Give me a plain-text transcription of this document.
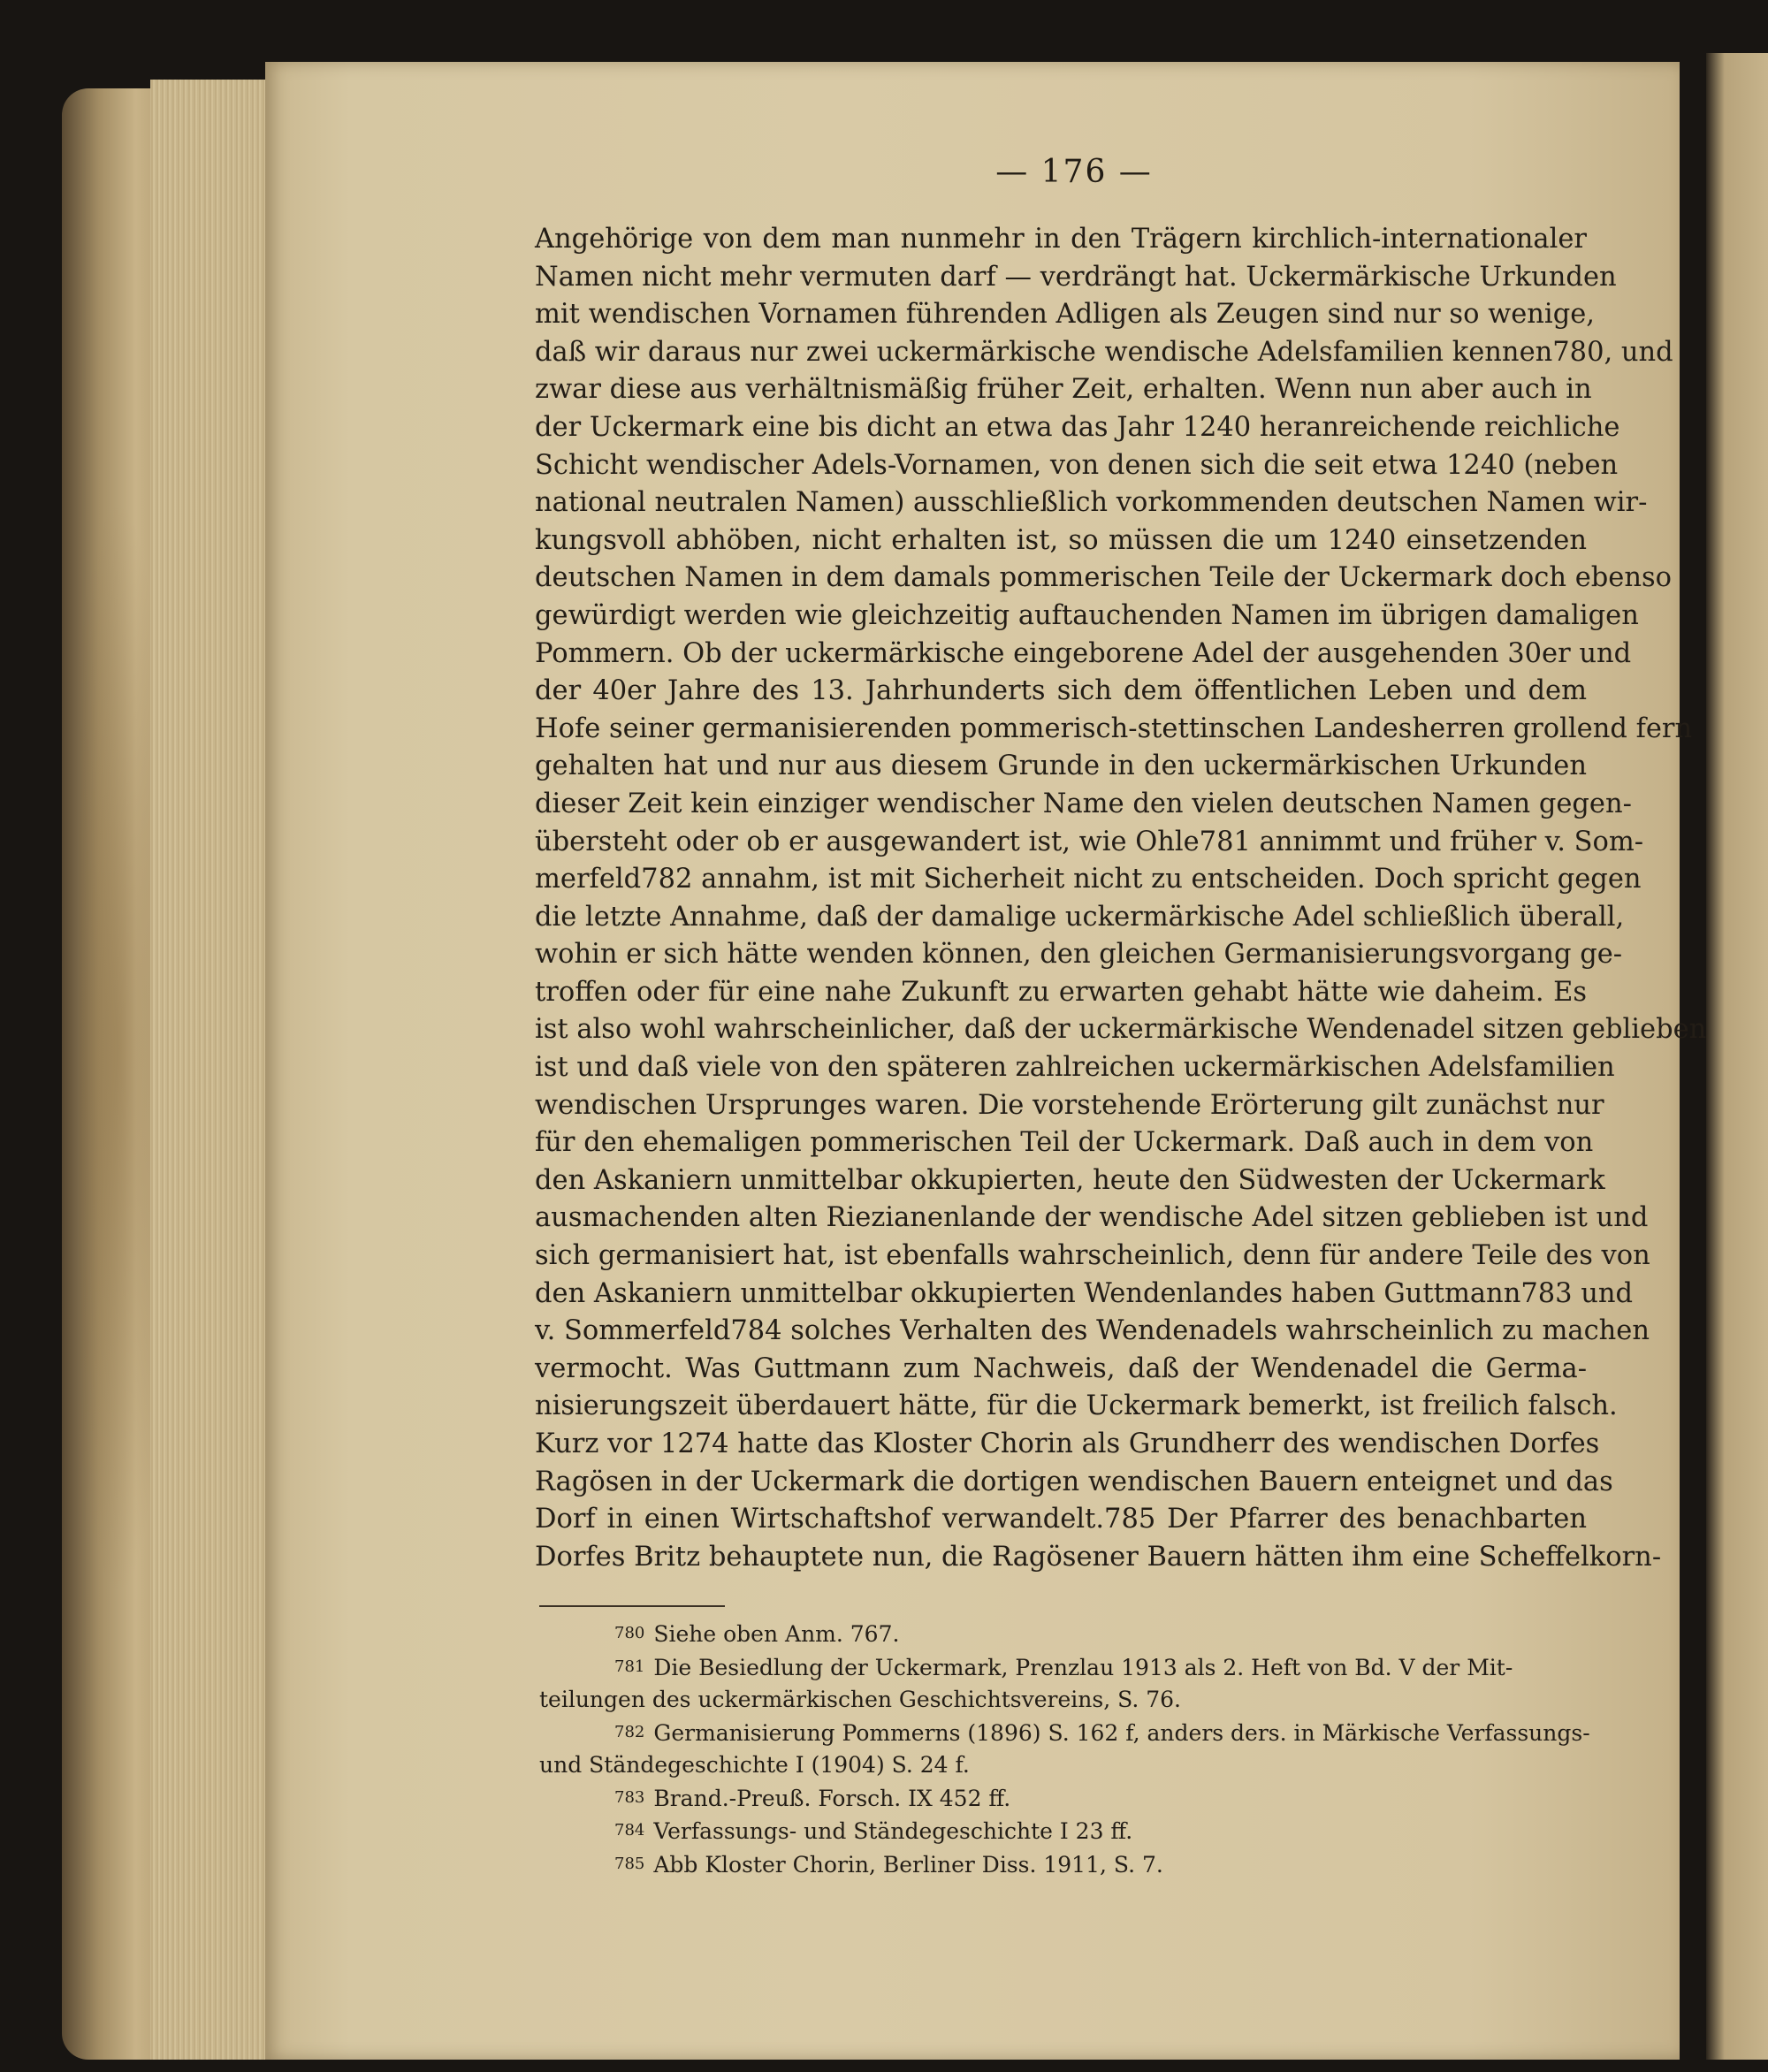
— 176 —
Angehörige von dem man nunmehr in den Trägern kirchlich-internationaler
Namen nicht mehr vermuten darf — verdrängt hat. Uckermärkische Urkunden
mit wendischen Vornamen führenden Adligen als Zeugen sind nur so wenige,
daß wir daraus nur zwei uckermärkische wendische Adelsfamilien kennen780, und
zwar diese aus verhältnismäßig früher Zeit, erhalten. Wenn nun aber auch in
der Uckermark eine bis dicht an etwa das Jahr 1240 heranreichende reichliche
Schicht wendischer Adels-Vornamen, von denen sich die seit etwa 1240 (neben
national neutralen Namen) ausschließlich vorkommenden deutschen Namen wir-
kungsvoll abhöben, nicht erhalten ist, so müssen die um 1240 einsetzenden
deutschen Namen in dem damals pommerischen Teile der Uckermark doch ebenso
gewürdigt werden wie gleichzeitig auftauchenden Namen im übrigen damaligen
Pommern. Ob der uckermärkische eingeborene Adel der ausgehenden 30er und
der 40er Jahre des 13. Jahrhunderts sich dem öffentlichen Leben und dem
Hofe seiner germanisierenden pommerisch-stettinschen Landesherren grollend fern
gehalten hat und nur aus diesem Grunde in den uckermärkischen Urkunden
dieser Zeit kein einziger wendischer Name den vielen deutschen Namen gegen-
übersteht oder ob er ausgewandert ist, wie Ohle781 annimmt und früher v. Som-
merfeld782 annahm, ist mit Sicherheit nicht zu entscheiden. Doch spricht gegen
die letzte Annahme, daß der damalige uckermärkische Adel schließlich überall,
wohin er sich hätte wenden können, den gleichen Germanisierungsvorgang ge-
troffen oder für eine nahe Zukunft zu erwarten gehabt hätte wie daheim. Es
ist also wohl wahrscheinlicher, daß der uckermärkische Wendenadel sitzen geblieben
ist und daß viele von den späteren zahlreichen uckermärkischen Adelsfamilien
wendischen Ursprunges waren. Die vorstehende Erörterung gilt zunächst nur
für den ehemaligen pommerischen Teil der Uckermark. Daß auch in dem von
den Askaniern unmittelbar okkupierten, heute den Südwesten der Uckermark
ausmachenden alten Riezianenlande der wendische Adel sitzen geblieben ist und
sich germanisiert hat, ist ebenfalls wahrscheinlich, denn für andere Teile des von
den Askaniern unmittelbar okkupierten Wendenlandes haben Guttmann783 und
v. Sommerfeld784 solches Verhalten des Wendenadels wahrscheinlich zu machen
vermocht. Was Guttmann zum Nachweis, daß der Wendenadel die Germa-
nisierungszeit überdauert hätte, für die Uckermark bemerkt, ist freilich falsch.
Kurz vor 1274 hatte das Kloster Chorin als Grundherr des wendischen Dorfes
Ragösen in der Uckermark die dortigen wendischen Bauern enteignet und das
Dorf in einen Wirtschaftshof verwandelt.785 Der Pfarrer des benachbarten
Dorfes Britz behauptete nun, die Ragösener Bauern hätten ihm eine Scheffelkorn-
780 Siehe oben Anm. 767.
781 Die Besiedlung der Uckermark, Prenzlau 1913 als 2. Heft von Bd. V der Mit-
teilungen des uckermärkischen Geschichtsvereins, S. 76.
782 Germanisierung Pommerns (1896) S. 162 f, anders ders. in Märkische Verfassungs-
und Ständegeschichte I (1904) S. 24 f.
783 Brand.-Preuß. Forsch. IX 452 ff.
784 Verfassungs- und Ständegeschichte I 23 ff.
785 Abb Kloster Chorin, Berliner Diss. 1911, S. 7.
